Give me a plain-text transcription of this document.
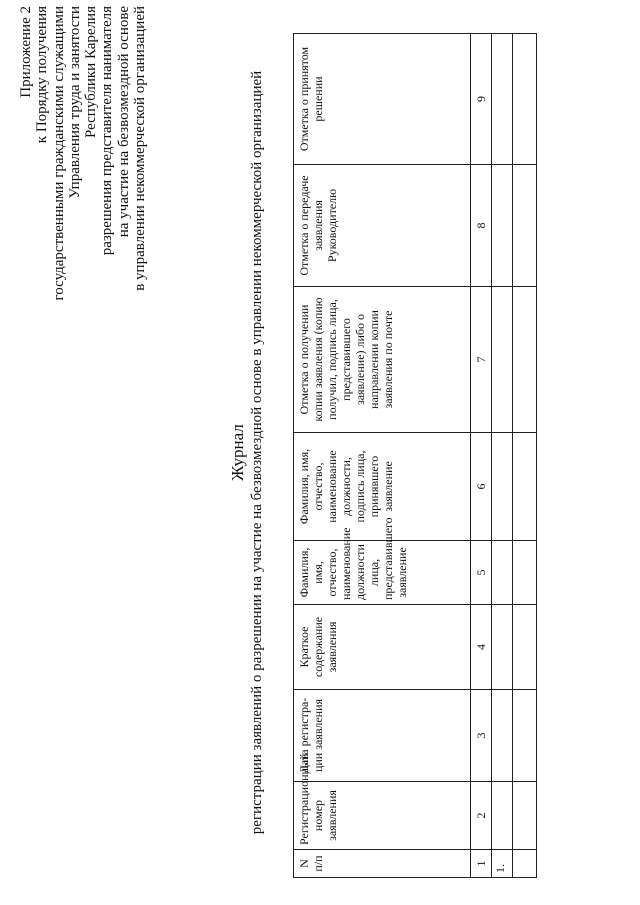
Приложение 2 к Порядку получения государственными гражданскими служащими Управления труда и занятости Республики Карелия разрешения представителя нанимателя на участие на безвозмездной основе в управлении некоммерческой организацией
Журнал регистрации заявлений о разрешении на участие на безвозмездной основе в управлении некоммерческой организацией
N п/п	Регистрационный номер заявления	Дата регистра- ции заявления	Краткое содержание заявления	Фамилия, имя, отчество, наименование должности лица, представившего заявление	Фамилия, имя, отчество, наименование должности, подпись лица, принявшего заявление	Отметка о получении копии заявления (копию получил, подпись лица, представившего заявление) либо о направлении копии заявления по почте	Отметка о передаче заявления Руководителю	Отметка о принятом решении
1	2	3	4	5	6	7	8	9
1.								
